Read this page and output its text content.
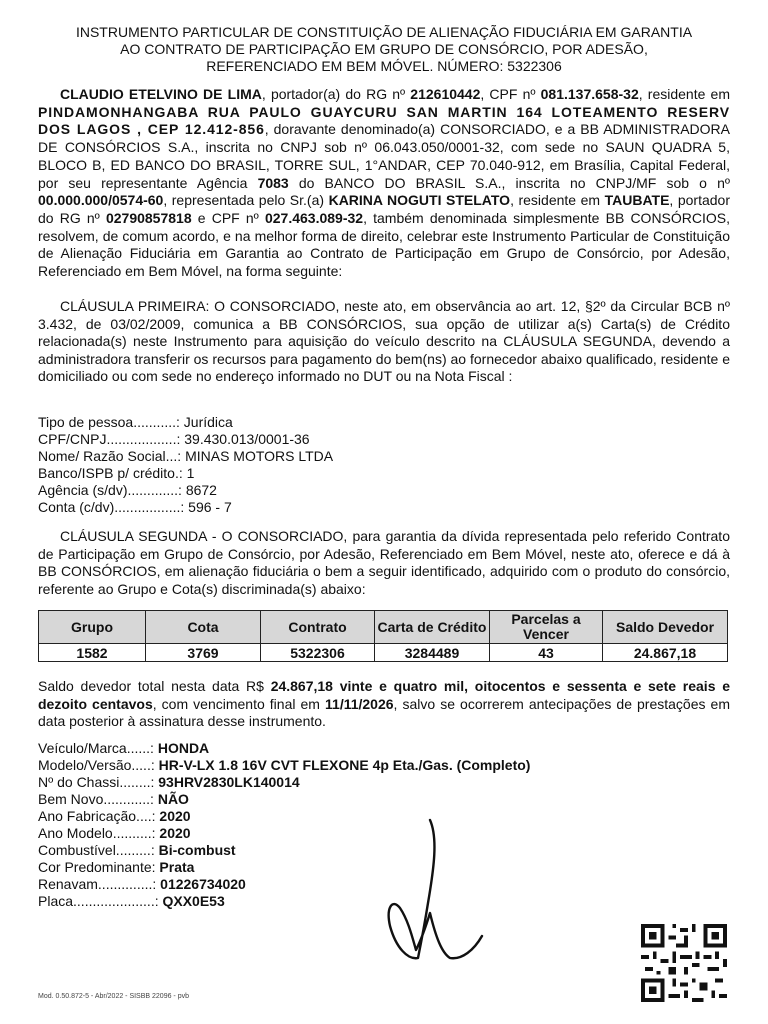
INSTRUMENTO PARTICULAR DE CONSTITUIÇÃO DE ALIENAÇÃO FIDUCIÁRIA EM GARANTIA
AO CONTRATO DE PARTICIPAÇÃO EM GRUPO DE CONSÓRCIO, POR ADESÃO,
REFERENCIADO EM BEM MÓVEL. NÚMERO: 5322306
CLAUDIO ETELVINO DE LIMA, portador(a) do RG nº 212610442, CPF nº 081.137.658-32, residente em PINDAMONHANGABA RUA PAULO GUAYCURU SAN MARTIN 164 LOTEAMENTO RESERV DOS LAGOS , CEP 12.412-856, doravante denominado(a) CONSORCIADO, e a BB ADMINISTRADORA DE CONSÓRCIOS S.A., inscrita no CNPJ sob nº 06.043.050/0001-32, com sede no SAUN QUADRA 5, BLOCO B, ED BANCO DO BRASIL, TORRE SUL, 1°ANDAR, CEP 70.040-912, em Brasília, Capital Federal, por seu representante Agência 7083 do BANCO DO BRASIL S.A., inscrita no CNPJ/MF sob o nº 00.000.000/0574-60, representada pelo Sr.(a) KARINA NOGUTI STELATO, residente em TAUBATE, portador do RG nº 02790857818 e CPF nº 027.463.089-32, também denominada simplesmente BB CONSÓRCIOS, resolvem, de comum acordo, e na melhor forma de direito, celebrar este Instrumento Particular de Constituição de Alienação Fiduciária em Garantia ao Contrato de Participação em Grupo de Consórcio, por Adesão, Referenciado em Bem Móvel, na forma seguinte:
CLÁUSULA PRIMEIRA: O CONSORCIADO, neste ato, em observância ao art. 12, §2º da Circular BCB nº 3.432, de 03/02/2009, comunica a BB CONSÓRCIOS, sua opção de utilizar a(s) Carta(s) de Crédito relacionada(s) neste Instrumento para aquisição do veículo descrito na CLÁUSULA SEGUNDA, devendo a administradora transferir os recursos para pagamento do bem(ns) ao fornecedor abaixo qualificado, residente e domiciliado ou com sede no endereço informado no DUT ou na Nota Fiscal :
Tipo de pessoa...........: Jurídica
CPF/CNPJ..................: 39.430.013/0001-36
Nome/ Razão Social...: MINAS MOTORS LTDA
Banco/ISPB p/ crédito.: 1
Agência (s/dv).............: 8672
Conta (c/dv).................: 596 - 7
CLÁUSULA SEGUNDA - O CONSORCIADO, para garantia da dívida representada pelo referido Contrato de Participação em Grupo de Consórcio, por Adesão, Referenciado em Bem Móvel, neste ato, oferece e dá à BB CONSÓRCIOS, em alienação fiduciária o bem a seguir identificado, adquirido com o produto do consórcio, referente ao Grupo e Cota(s) discriminada(s) abaixo:
Grupo	Cota	Contrato	Carta de Crédito	Parcelas a Vencer	Saldo Devedor
1582	3769	5322306	3284489	43	24.867,18
Saldo devedor total nesta data R$ 24.867,18 vinte e quatro mil, oitocentos e sessenta e sete reais e dezoito centavos, com vencimento final em 11/11/2026, salvo se ocorrerem antecipações de prestações em data posterior à assinatura desse instrumento.
Veículo/Marca......: HONDA
Modelo/Versão.....: HR-V-LX 1.8 16V CVT FLEXONE 4p Eta./Gas. (Completo)
Nº do Chassi........: 93HRV2830LK140014
Bem Novo............: NÃO
Ano Fabricação....: 2020
Ano Modelo..........: 2020
Combustível.........: Bi-combust
Cor Predominante: Prata
Renavam..............: 01226734020
Placa.....................: QXX0E53
Mod. 0.50.872-5 - Abr/2022 - SISBB 22096 - pvb
